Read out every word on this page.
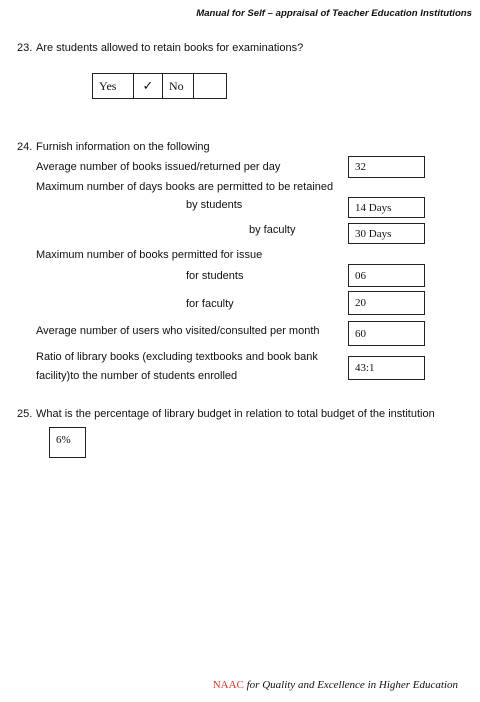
Manual for Self – appraisal of Teacher Education Institutions
23. Are students allowed to retain books for examinations?
Yes	✓	No	
24. Furnish information on the following
Average number of books issued/returned per day	32
Maximum number of days books are permitted to be retained
by students	14 Days
by faculty	30 Days
Maximum number of books permitted for issue
for students	06
for faculty	20
Average number of users who visited/consulted per month	60
Ratio of library books (excluding textbooks and book bank
facility)to the number of students enrolled
43:1
25. What is the percentage of library budget in relation to total budget of the institution
6%
NAAC for Quality and Excellence in Higher Education
